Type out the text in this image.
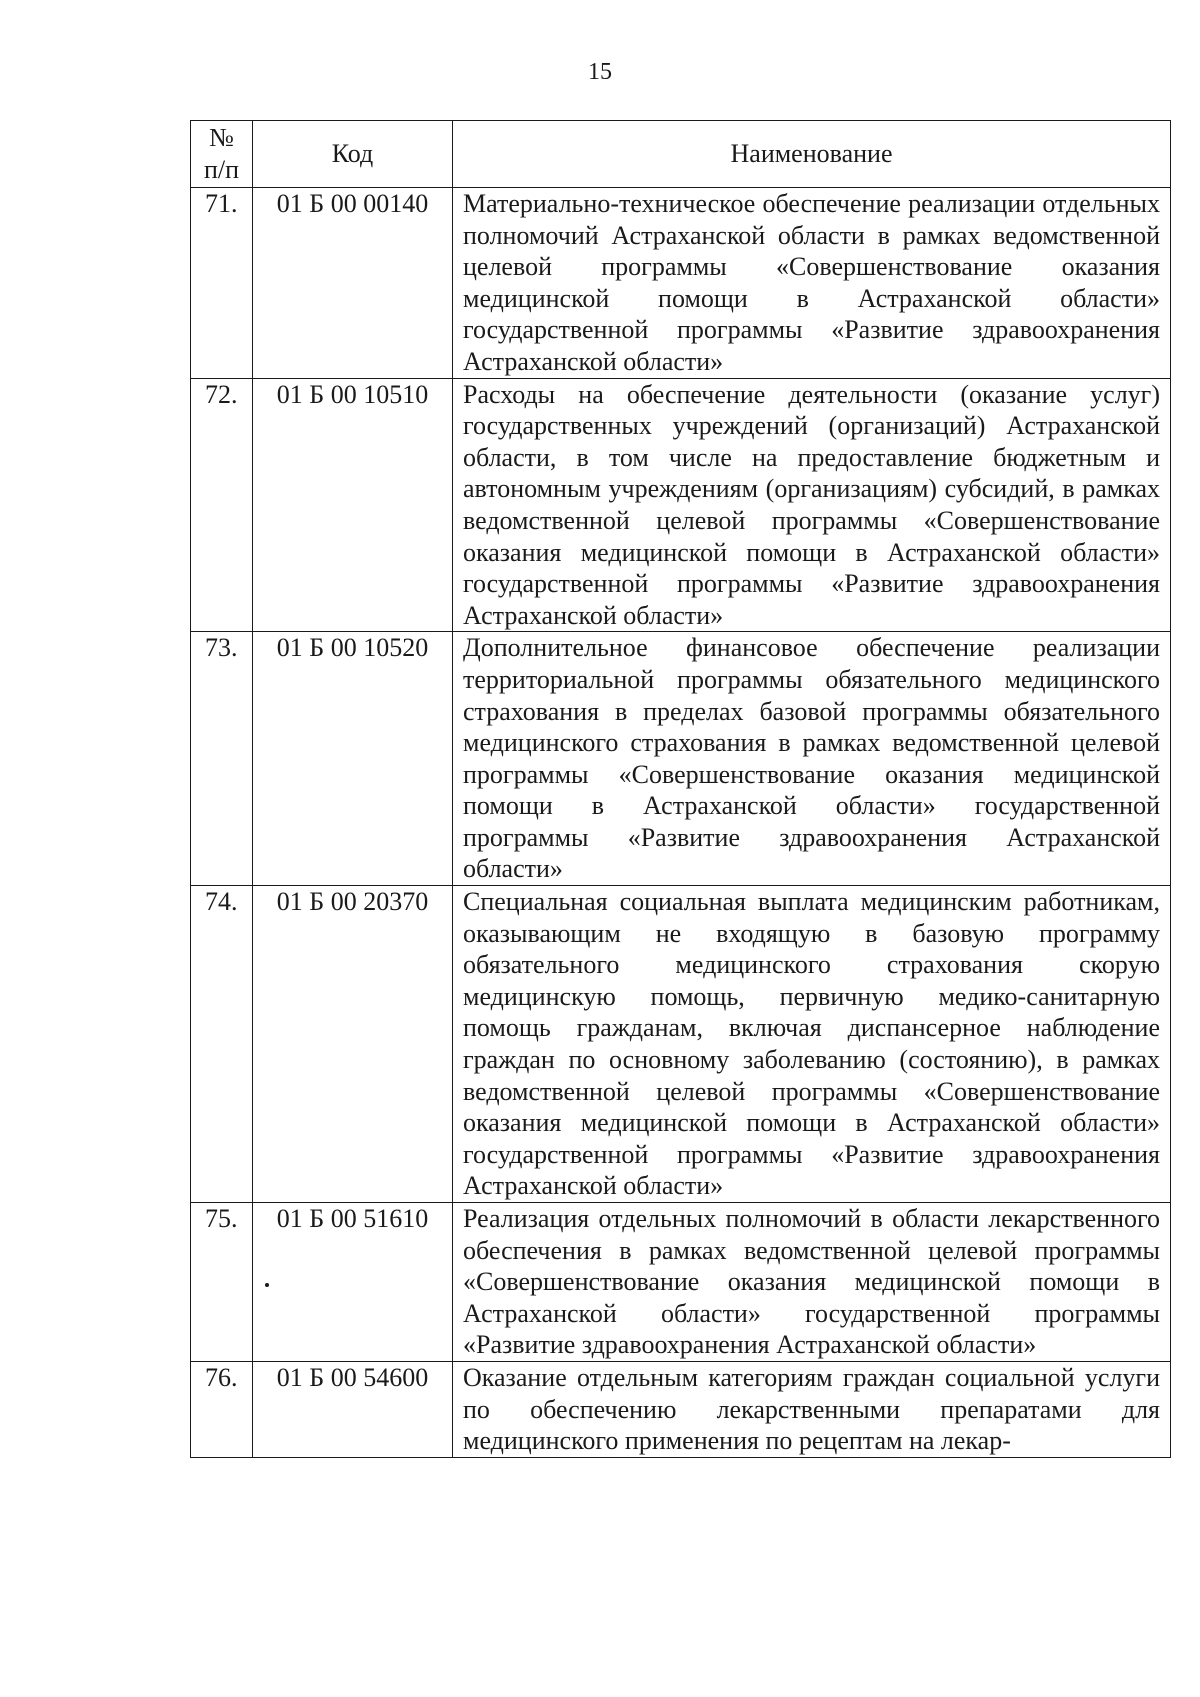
15
№
п/п	Код	Наименование
71.	01 Б 00 00140	Материально-техническое обеспечение реализации отдельных полномочий Астраханской области в рамках ведомственной целевой программы «Совершенствование оказания медицинской помощи в Астраханской области» государственной программы «Развитие здравоохранения Астраханской области»
72.	01 Б 00 10510	Расходы на обеспечение деятельности (оказание услуг) государственных учреждений (организаций) Астраханской области, в том числе на предоставление бюджетным и автономным учреждениям (организациям) субсидий, в рамках ведомственной целевой программы «Совершенствование оказания медицинской помощи в Астраханской области» государственной программы «Развитие здравоохранения Астраханской области»
73.	01 Б 00 10520	Дополнительное финансовое обеспечение реализации территориальной программы обязательного медицинского страхования в пределах базовой программы обязательного медицинского страхования в рамках ведомственной целевой программы «Совершенствование оказания медицинской помощи в Астраханской области» государственной программы «Развитие здравоохранения Астраханской области»
74.	01 Б 00 20370	Специальная социальная выплата медицинским работникам, оказывающим не входящую в базовую программу обязательного медицинского страхования скорую медицинскую помощь, первичную медико-санитарную помощь гражданам, включая диспансерное наблюдение граждан по основному заболеванию (состоянию), в рамках ведомственной целевой программы «Совершенствование оказания медицинской помощи в Астраханской области» государственной программы «Развитие здравоохранения Астраханской области»
75.	01 Б 00 51610	Реализация отдельных полномочий в области лекарственного обеспечения в рамках ведомственной целевой программы «Совершенствование оказания медицинской помощи в Астраханской области» государственной программы «Развитие здравоохранения Астраханской области»
76.	01 Б 00 54600	Оказание отдельным категориям граждан социальной услуги по обеспечению лекарственными препаратами для медицинского применения по рецептам на лекар-
